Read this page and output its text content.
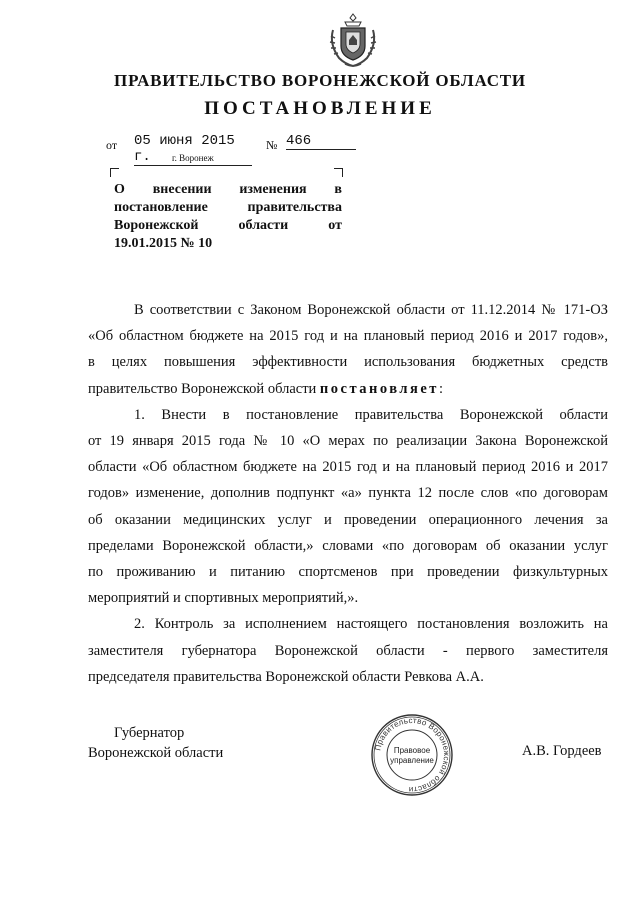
ПРАВИТЕЛЬСТВО ВОРОНЕЖСКОЙ ОБЛАСТИ
ПОСТАНОВЛЕНИЕ
от 05 июня 2015 г.
№ 466
г. Воронеж
О внесении изменения в
постановление правительства
Воронежской области от
19.01.2015 № 10

В соответствии с Законом Воронежской области от 11.12.2014 № 171-ОЗ
«Об областном бюджете на 2015 год и на плановый период 2016 и 2017 годов»,
в целях повышения эффективности использования бюджетных средств
правительство Воронежской области постановляет:

1. Внести в постановление правительства Воронежской области
от 19 января 2015 года № 10 «О мерах по реализации Закона Воронежской
области «Об областном бюджете на 2015 год и на плановый период 2016 и 2017
годов» изменение, дополнив подпункт «а» пункта 12 после слов «по договорам
об оказании медицинских услуг и проведении операционного лечения за
пределами Воронежской области,» словами «по договорам об оказании услуг
по проживанию и питанию спортсменов при проведении физкультурных
мероприятий и спортивных мероприятий,».

2. Контроль за исполнением настоящего постановления возложить на
заместителя губернатора Воронежской области - первого заместителя
председателя правительства Воронежской области Ревкова А.А.

Губернатор
Воронежской области	Правительство Воронежской области
Правовое
управление
А.В. Гордеев
